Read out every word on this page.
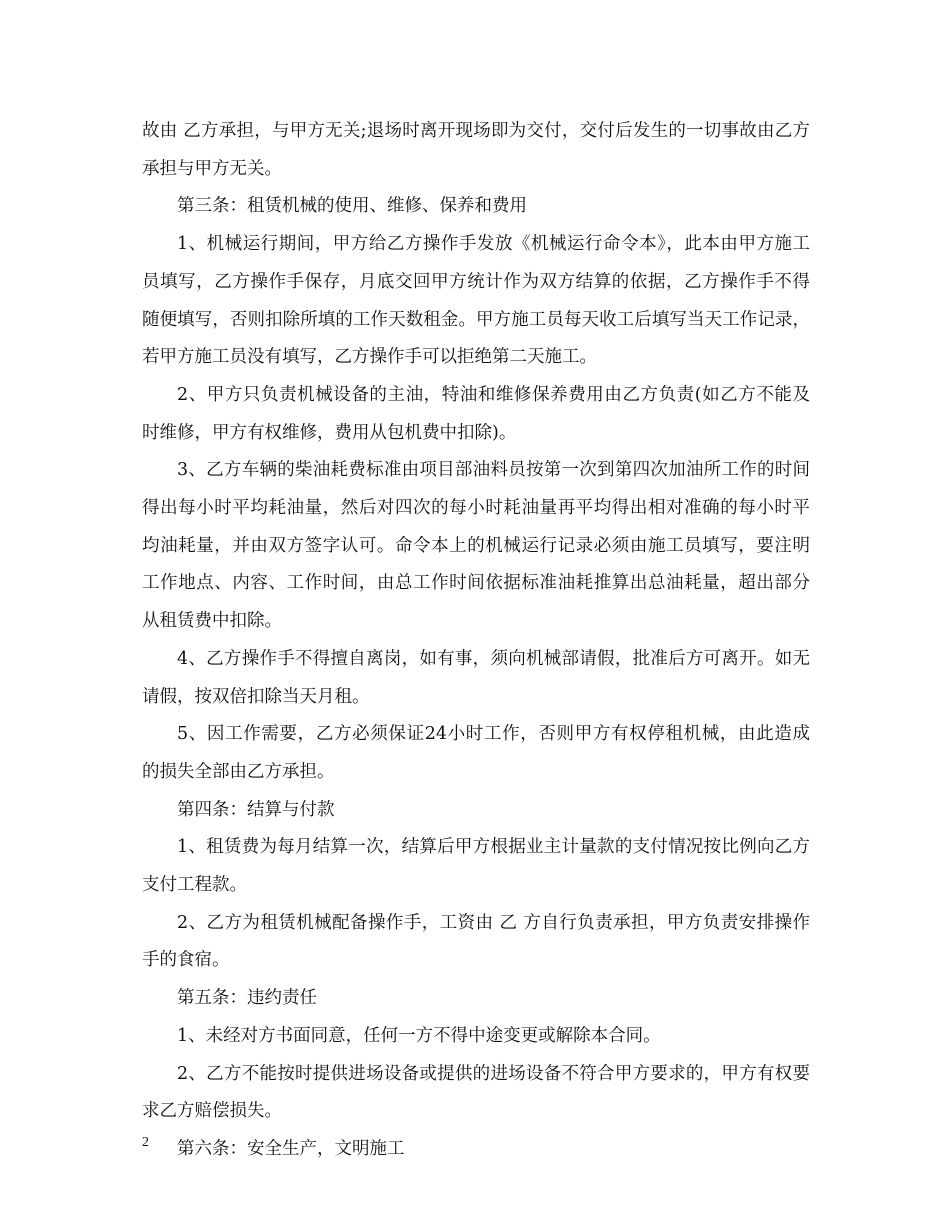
故由 乙方承担，与甲方无关;退场时离开现场即为交付，交付后发生的一切事故由乙方承担与甲方无关。

第三条：租赁机械的使用、维修、保养和费用

1、机械运行期间，甲方给乙方操作手发放《机械运行命令本》，此本由甲方施工 员填写，乙方操作手保存，月底交回甲方统计作为双方结算的依据，乙方操作手不得 随便填写，否则扣除所填的工作天数租金。甲方施工员每天收工后填写当天工作记录， 若甲方施工员没有填写，乙方操作手可以拒绝第二天施工。

2、甲方只负责机械设备的主油，特油和维修保养费用由乙方负责(如乙方不能及 时维修，甲方有权维修，费用从包机费中扣除)。

3、乙方车辆的柴油耗费标准由项目部油料员按第一次到第四次加油所工作的时间 得出每小时平均耗油量，然后对四次的每小时耗油量再平均得出相对准确的每小时平 均油耗量，并由双方签字认可。命令本上的机械运行记录必须由施工员填写，要注明 工作地点、内容、工作时间，由总工作时间依据标准油耗推算出总油耗量，超出部分 从租赁费中扣除。

4、乙方操作手不得擅自离岗，如有事，须向机械部请假，批准后方可离开。如无 请假，按双倍扣除当天月租。

5、因工作需要，乙方必须保证24小时工作，否则甲方有权停租机械，由此造成 的损失全部由乙方承担。

第四条：结算与付款

1、租赁费为每月结算一次，结算后甲方根据业主计量款的支付情况按比例向乙方 支付工程款。

2、乙方为租赁机械配备操作手，工资由 乙 方自行负责承担，甲方负责安排操作手的食宿。

第五条：违约责任

1、未经对方书面同意，任何一方不得中途变更或解除本合同。

2、乙方不能按时提供进场设备或提供的进场设备不符合甲方要求的，甲方有权要 求乙方赔偿损失。

第六条：安全生产，文明施工

2
